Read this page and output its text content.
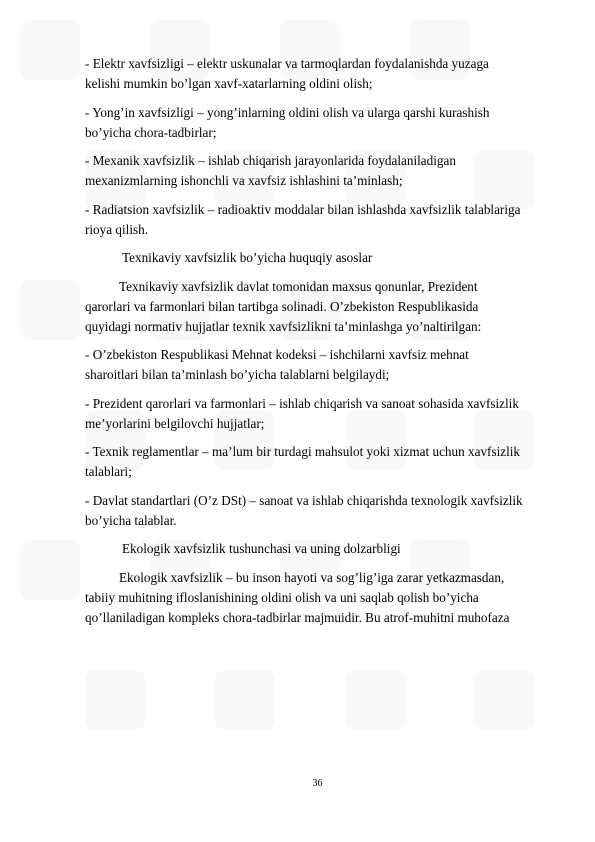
- Elektr xavfsizligi – elektr uskunalar va tarmoqlardan foydalanishda yuzaga
kelishi mumkin bo’lgan xavf-xatarlarning oldini olish;
- Yong’in xavfsizligi – yong’inlarning oldini olish va ularga qarshi kurashish
bo’yicha chora-tadbirlar;
- Mexanik xavfsizlik – ishlab chiqarish jarayonlarida foydalaniladigan
mexanizmlarning ishonchli va xavfsiz ishlashini ta’minlash;
- Radiatsion xavfsizlik – radioaktiv moddalar bilan ishlashda xavfsizlik talablariga
rioya qilish.
Texnikaviy xavfsizlik bo’yicha huquqiy asoslar
Texnikaviy xavfsizlik davlat tomonidan maxsus qonunlar, Prezident
qarorlari va farmonlari bilan tartibga solinadi. O’zbekiston Respublikasida
quyidagi normativ hujjatlar texnik xavfsizlikni ta’minlashga yo’naltirilgan:
- O’zbekiston Respublikasi Mehnat kodeksi – ishchilarni xavfsiz mehnat
sharoitlari bilan ta’minlash bo’yicha talablarni belgilaydi;
- Prezident qarorlari va farmonlari – ishlab chiqarish va sanoat sohasida xavfsizlik
me’yorlarini belgilovchi hujjatlar;
- Texnik reglamentlar – ma’lum bir turdagi mahsulot yoki xizmat uchun xavfsizlik
talablari;
- Davlat standartlari (O’z DSt) – sanoat va ishlab chiqarishda texnologik xavfsizlik
bo’yicha talablar.
Ekologik xavfsizlik tushunchasi va uning dolzarbligi
Ekologik xavfsizlik – bu inson hayoti va sog’lig’iga zarar yetkazmasdan,
tabiiy muhitning ifloslanishining oldini olish va uni saqlab qolish bo’yicha
qo’llaniladigan kompleks chora-tadbirlar majmuidir. Bu atrof-muhitni muhofaza
36
